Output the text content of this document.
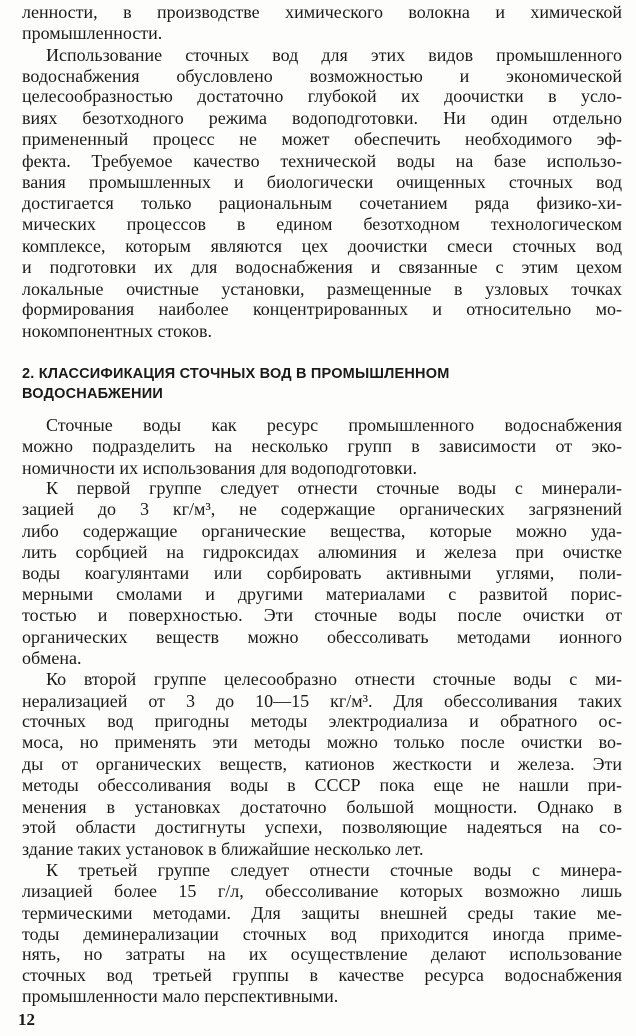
ленности, в производстве химического волокна и химической
промышленности.
Использование сточных вод для этих видов промышленного
водоснабжения обусловлено возможностью и экономической
целесообразностью достаточно глубокой их доочистки в усло-
виях безотходного режима водоподготовки. Ни один отдельно
примененный процесс не может обеспечить необходимого эф-
фекта. Требуемое качество технической воды на базе использо-
вания промышленных и биологически очищенных сточных вод
достигается только рациональным сочетанием ряда физико-хи-
мических процессов в едином безотходном технологическом
комплексе, которым являются цех доочистки смеси сточных вод
и подготовки их для водоснабжения и связанные с этим цехом
локальные очистные установки, размещенные в узловых точках
формирования наиболее концентрированных и относительно мо-
нокомпонентных стоков.
2. КЛАССИФИКАЦИЯ СТОЧНЫХ ВОД В ПРОМЫШЛЕННОМ
ВОДОСНАБЖЕНИИ
Сточные воды как ресурс промышленного водоснабжения
можно подразделить на несколько групп в зависимости от эко-
номичности их использования для водоподготовки.
К первой группе следует отнести сточные воды с минерали-
зацией до 3 кг/м³, не содержащие органических загрязнений
либо содержащие органические вещества, которые можно уда-
лить сорбцией на гидроксидах алюминия и железа при очистке
воды коагулянтами или сорбировать активными углями, поли-
мерными смолами и другими материалами с развитой порис-
тостью и поверхностью. Эти сточные воды после очистки от
органических веществ можно обессоливать методами ионного
обмена.
Ко второй группе целесообразно отнести сточные воды с ми-
нерализацией от 3 до 10—15 кг/м³. Для обессоливания таких
сточных вод пригодны методы электродиализа и обратного ос-
моса, но применять эти методы можно только после очистки во-
ды от органических веществ, катионов жесткости и железа. Эти
методы обессоливания воды в СССР пока еще не нашли при-
менения в установках достаточно большой мощности. Однако в
этой области достигнуты успехи, позволяющие надеяться на со-
здание таких установок в ближайшие несколько лет.
К третьей группе следует отнести сточные воды с минера-
лизацией более 15 г/л, обессоливание которых возможно лишь
термическими методами. Для защиты внешней среды такие ме-
тоды деминерализации сточных вод приходится иногда приме-
нять, но затраты на их осуществление делают использование
сточных вод третьей группы в качестве ресурса водоснабжения
промышленности мало перспективными.
12
